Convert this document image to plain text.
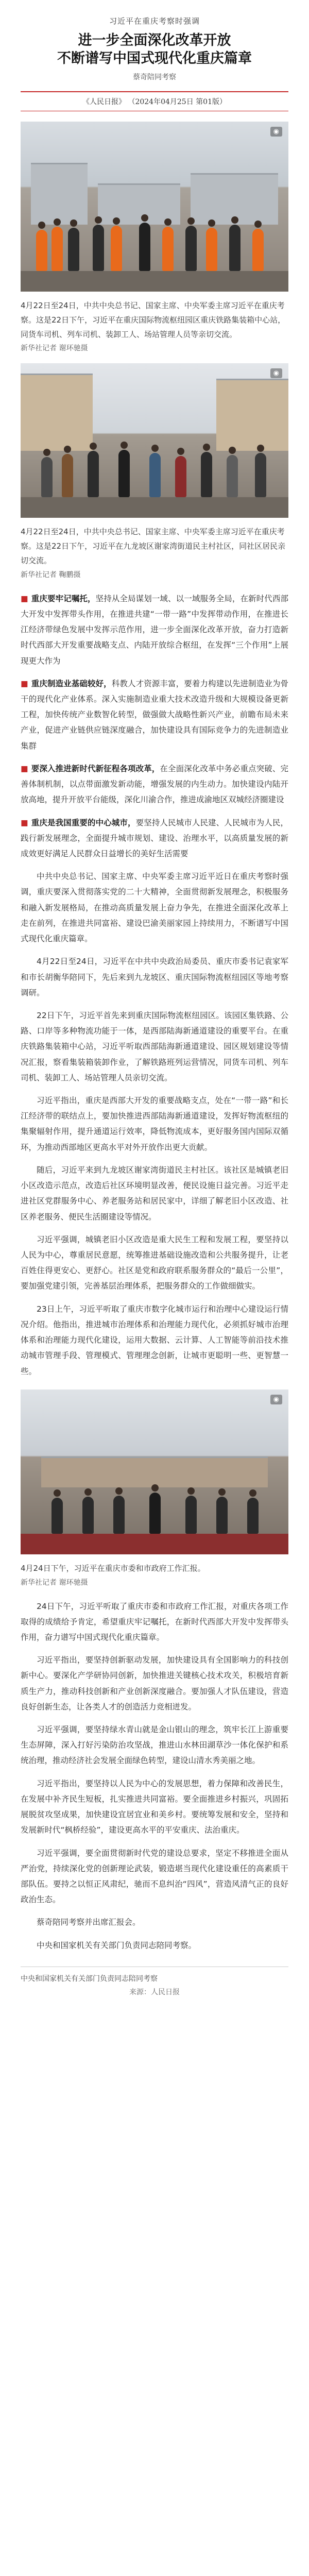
习近平在重庆考察时强调
进一步全面深化改革开放
不断谱写中国式现代化重庆篇章
蔡奇陪同考察
《人民日报》 （2024年04月25日 第01版）
◉
4月22日至24日，中共中央总书记、国家主席、中央军委主席习近平在重庆考察。这是22日下午，习近平在重庆国际物流枢纽园区重庆铁路集装箱中心站，同货车司机、列车司机、装卸工人、场站管理人员等亲切交流。
新华社记者 谢环驰摄
◉
4月22日至24日，中共中央总书记、国家主席、中央军委主席习近平在重庆考察。这是22日下午，习近平在九龙坡区谢家湾街道民主村社区，同社区居民亲切交流。
新华社记者 鞠鹏摄

■ 重庆要牢记嘱托，坚持从全局谋划一域、以一域服务全局，在新时代西部大开发中发挥带头作用，在推进共建“一带一路”中发挥带动作用，在推进长江经济带绿色发展中发挥示范作用，进一步全面深化改革开放，奋力打造新时代西部大开发重要战略支点、内陆开放综合枢纽，在发挥“三个作用”上展现更大作为

■ 重庆制造业基础较好，科教人才资源丰富，要着力构建以先进制造业为骨干的现代化产业体系。深入实施制造业重大技术改造升级和大规模设备更新工程，加快传统产业数智化转型，做强做大战略性新兴产业，前瞻布局未来产业，促进产业链供应链深度融合，加快建设具有国际竞争力的先进制造业集群

■ 要深入推进新时代新征程各项改革，在全面深化改革中务必重点突破、完善体制机制，以点带面激发新动能，增强发展的内生动力。加快建设内陆开放高地，提升开放平台能级，深化川渝合作，推进成渝地区双城经济圈建设

■ 重庆是我国重要的中心城市，要坚持人民城市人民建、人民城市为人民，践行新发展理念，全面提升城市规划、建设、治理水平，以高质量发展的新成效更好满足人民群众日益增长的美好生活需要

中共中央总书记、国家主席、中央军委主席习近平近日在重庆考察时强调，重庆要深入贯彻落实党的二十大精神，全面贯彻新发展理念，积极服务和融入新发展格局，在推动高质量发展上奋力争先，在推进全面深化改革上走在前列，在推进共同富裕、建设巴渝美丽家园上持续用力，不断谱写中国式现代化重庆篇章。

4月22日至24日，习近平在中共中央政治局委员、重庆市委书记袁家军和市长胡衡华陪同下，先后来到九龙坡区、重庆国际物流枢纽园区等地考察调研。

22日下午，习近平首先来到重庆国际物流枢纽园区。该园区集铁路、公路、口岸等多种物流功能于一体，是西部陆海新通道建设的重要平台。在重庆铁路集装箱中心站，习近平听取西部陆海新通道建设、园区规划建设等情况汇报，察看集装箱装卸作业，了解铁路班列运营情况，同货车司机、列车司机、装卸工人、场站管理人员亲切交流。

习近平指出，重庆是西部大开发的重要战略支点，处在“一带一路”和长江经济带的联结点上，要加快推进西部陆海新通道建设，发挥好物流枢纽的集聚辐射作用，提升通道运行效率，降低物流成本，更好服务国内国际双循环，为推动西部地区更高水平对外开放作出更大贡献。

随后，习近平来到九龙坡区谢家湾街道民主村社区。该社区是城镇老旧小区改造示范点，改造后社区环境明显改善，便民设施日益完善。习近平走进社区党群服务中心、养老服务站和居民家中，详细了解老旧小区改造、社区养老服务、便民生活圈建设等情况。

习近平强调，城镇老旧小区改造是重大民生工程和发展工程，要坚持以人民为中心，尊重居民意愿，统筹推进基础设施改造和公共服务提升，让老百姓住得更安心、更舒心。社区是党和政府联系服务群众的“最后一公里”，要加强党建引领，完善基层治理体系，把服务群众的工作做细做实。

23日上午，习近平听取了重庆市数字化城市运行和治理中心建设运行情况介绍。他指出，推进城市治理体系和治理能力现代化，必须抓好城市治理体系和治理能力现代化建设，运用大数据、云计算、人工智能等前沿技术推动城市管理手段、管理模式、管理理念创新，让城市更聪明一些、更智慧一些。

◉
4月24日下午，习近平在重庆市委和市政府工作汇报。
新华社记者 谢环驰摄

24日下午，习近平听取了重庆市委和市政府工作汇报，对重庆各项工作取得的成绩给予肯定，希望重庆牢记嘱托，在新时代西部大开发中发挥带头作用，奋力谱写中国式现代化重庆篇章。

习近平指出，要坚持创新驱动发展，加快建设具有全国影响力的科技创新中心。要深化产学研协同创新，加快推进关键核心技术攻关，积极培育新质生产力，推动科技创新和产业创新深度融合。要加强人才队伍建设，营造良好创新生态，让各类人才的创造活力竞相迸发。

习近平强调，要坚持绿水青山就是金山银山的理念，筑牢长江上游重要生态屏障，深入打好污染防治攻坚战，推进山水林田湖草沙一体化保护和系统治理，推动经济社会发展全面绿色转型，建设山清水秀美丽之地。

习近平指出，要坚持以人民为中心的发展思想，着力保障和改善民生，在发展中补齐民生短板，扎实推进共同富裕。要全面推进乡村振兴，巩固拓展脱贫攻坚成果，加快建设宜居宜业和美乡村。要统筹发展和安全，坚持和发展新时代“枫桥经验”，建设更高水平的平安重庆、法治重庆。

习近平强调，要全面贯彻新时代党的建设总要求，坚定不移推进全面从严治党，持续深化党的创新理论武装，锻造堪当现代化建设重任的高素质干部队伍。要持之以恒正风肃纪，驰而不息纠治“四风”，营造风清气正的良好政治生态。

蔡奇陪同考察并出席汇报会。

中央和国家机关有关部门负责同志陪同考察。

中央和国家机关有关部门负责同志陪同考察
来源：人民日报
